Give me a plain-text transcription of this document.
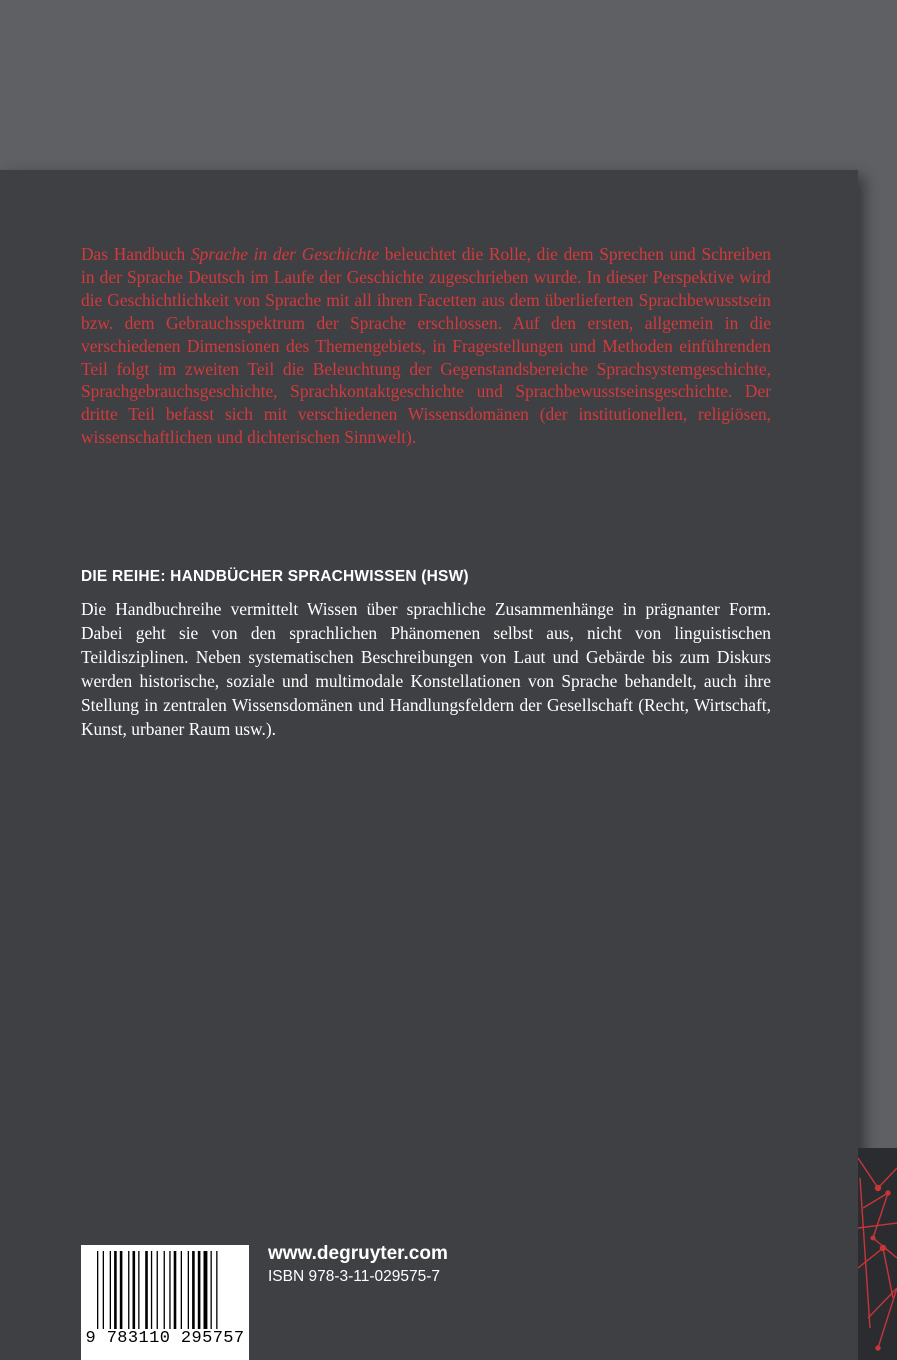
Das Handbuch Sprache in der Geschichte beleuchtet die Rolle, die dem Sprechen und Schreiben in der Sprache Deutsch im Laufe der Geschichte zugeschrieben wurde. In dieser Perspektive wird die Geschichtlichkeit von Sprache mit all ihren Facetten aus dem überlieferten Sprachbewusstsein bzw. dem Gebrauchsspektrum der Sprache erschlossen. Auf den ersten, allgemein in die verschiedenen Dimensionen des Themengebiets, in Fragestellungen und Methoden einführenden Teil folgt im zweiten Teil die Beleuchtung der Gegenstandsbereiche Sprachsystemgeschichte, Sprachgebrauchsgeschichte, Sprachkontaktgeschichte und Sprachbewusstseinsgeschichte. Der dritte Teil befasst sich mit verschiedenen Wissensdomänen (der institutionellen, religiösen, wissenschaftlichen und dichterischen Sinnwelt).

DIE REIHE: HANDBÜCHER SPRACHWISSEN (HSW)

Die Handbuchreihe vermittelt Wissen über sprachliche Zusammenhänge in prägnanter Form. Dabei geht sie von den sprachlichen Phänomenen selbst aus, nicht von linguistischen Teildisziplinen. Neben systematischen Beschreibungen von Laut und Gebärde bis zum Diskurs werden historische, soziale und multimodale Konstellationen von Sprache behandelt, auch ihre Stellung in zentralen Wissensdomänen und Handlungsfeldern der Gesellschaft (Recht, Wirtschaft, Kunst, urbaner Raum usw.).

9 783110 295757

www.degruyter.com

ISBN 978-3-11-029575-7
